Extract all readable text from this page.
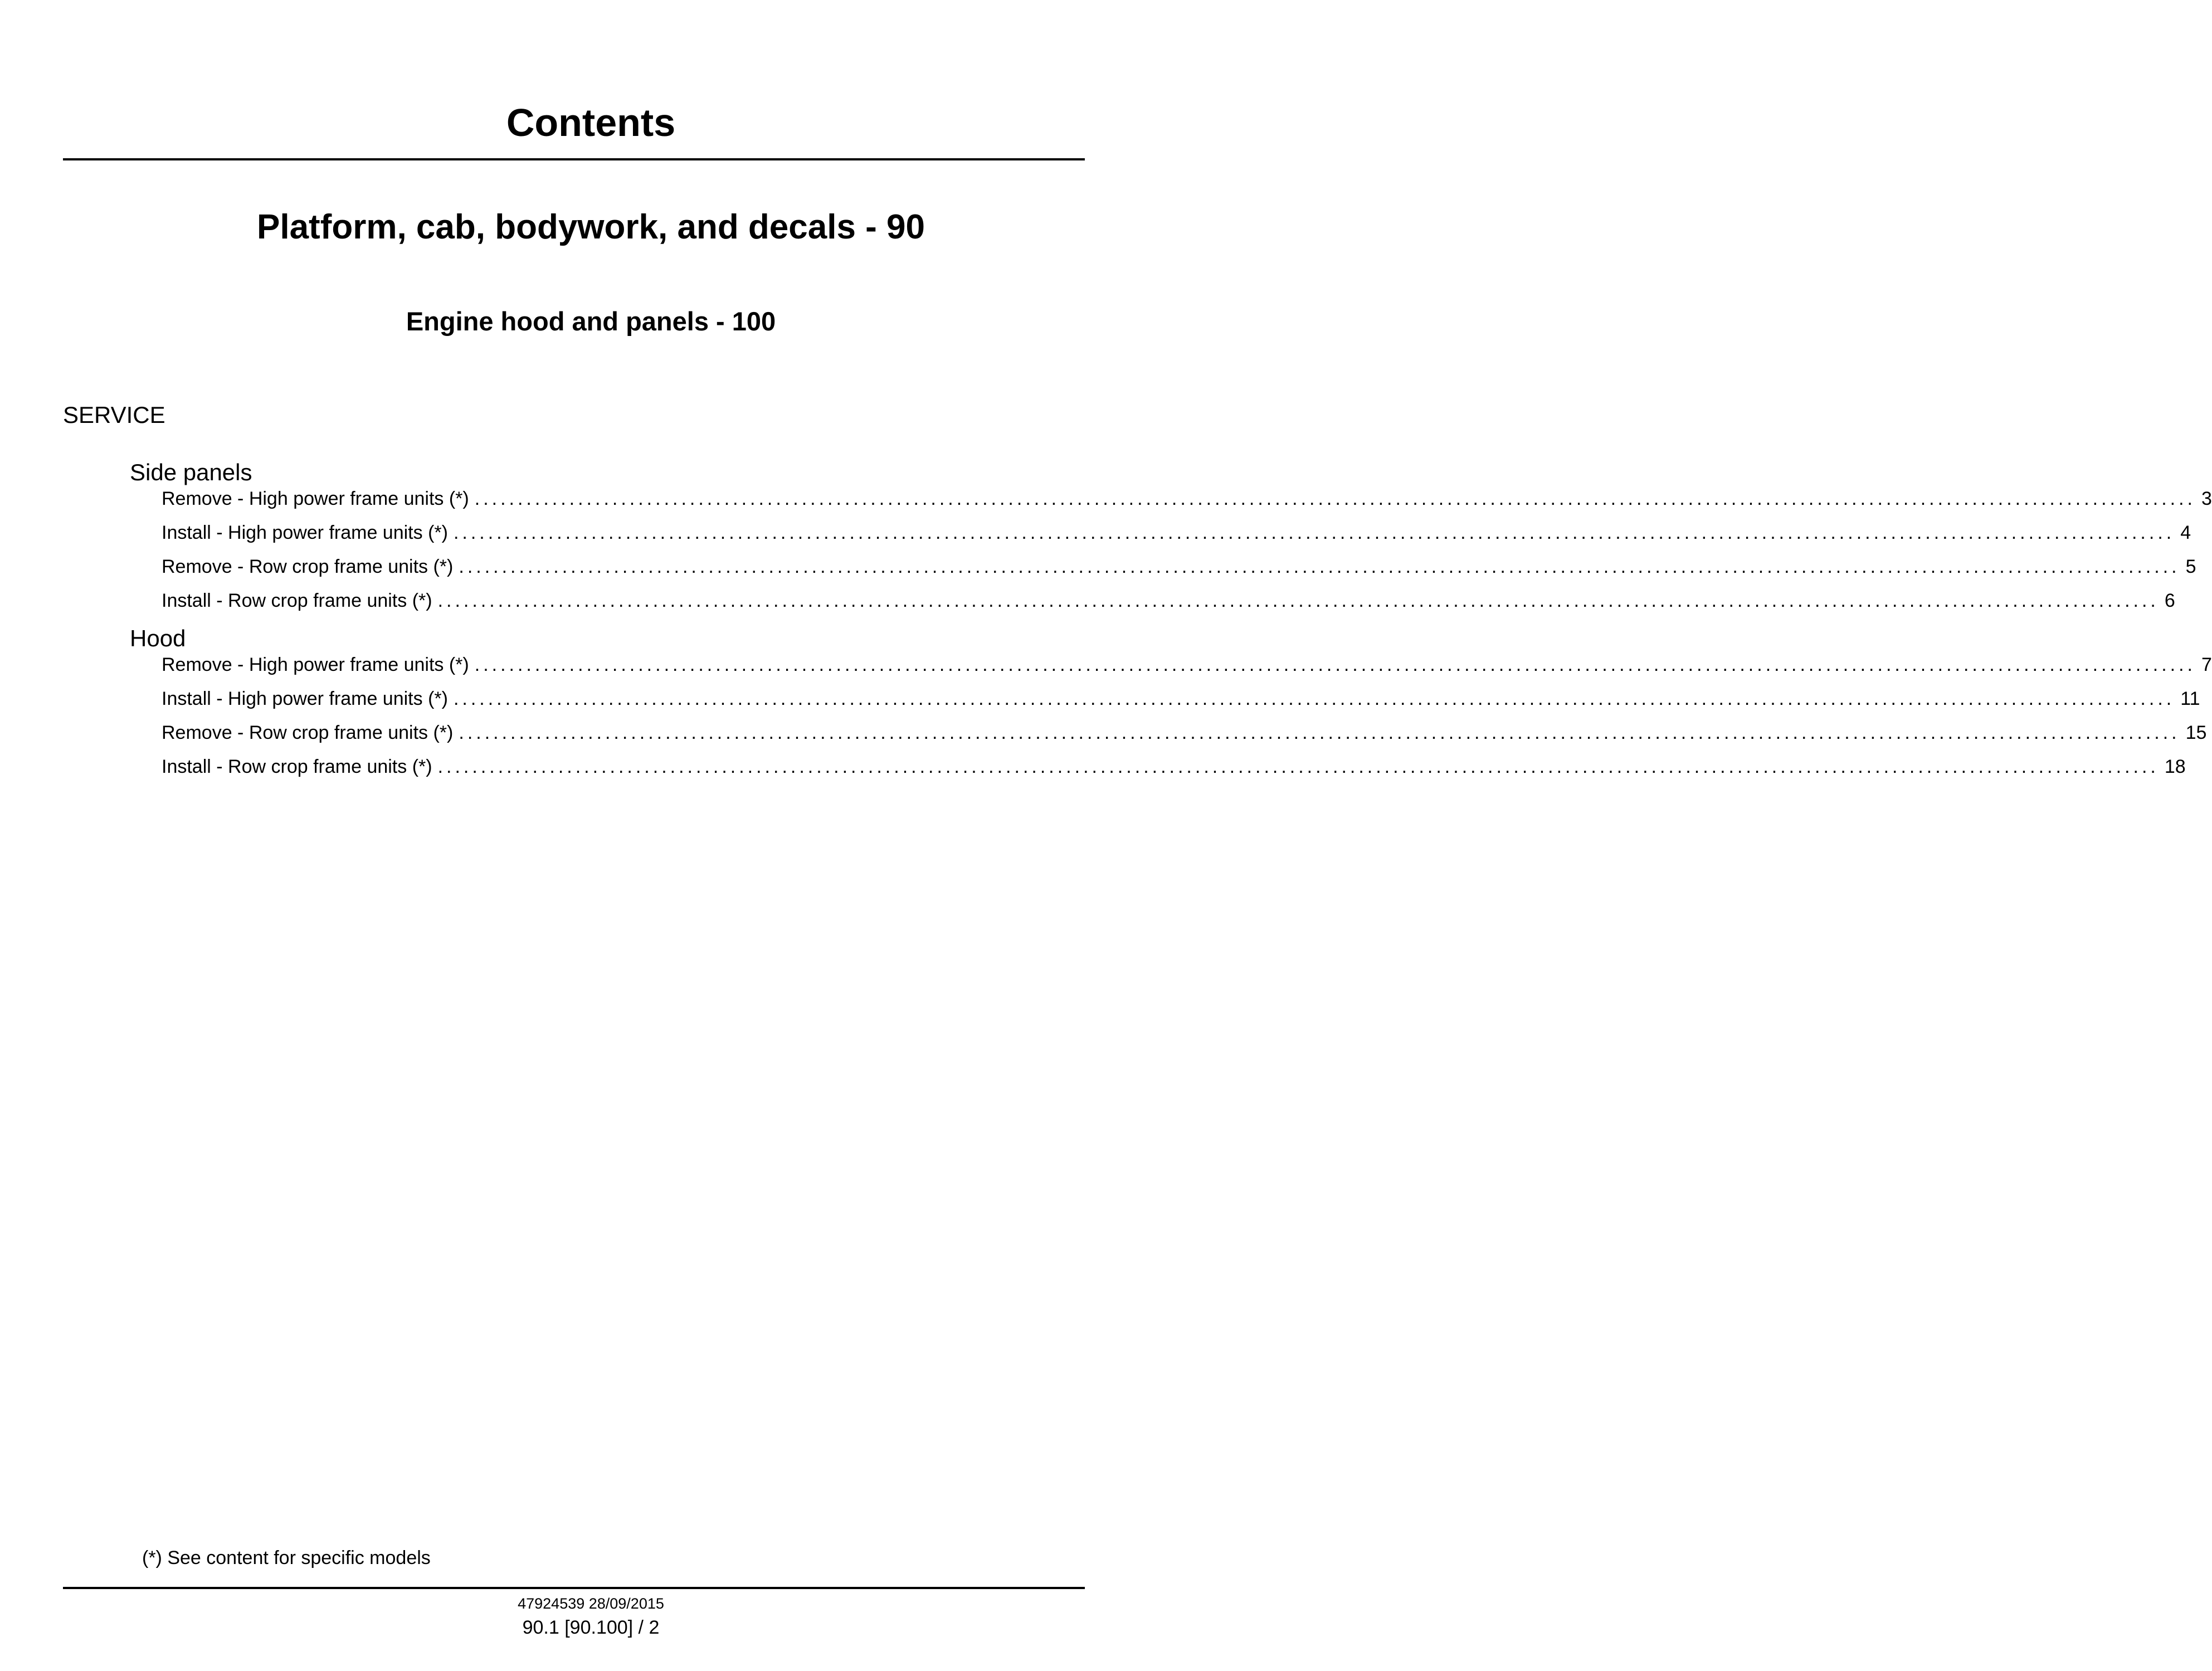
Contents
Platform, cab, bodywork, and decals - 90
Engine hood and panels - 100
SERVICE
Side panels
Remove - High power frame units (*) ........................................................................................................................................................................................................ 3
Install - High power frame units (*) ........................................................................................................................................................................................................ 4
Remove - Row crop frame units (*) ........................................................................................................................................................................................................ 5
Install - Row crop frame units (*) ........................................................................................................................................................................................................ 6
Hood
Remove - High power frame units (*) ........................................................................................................................................................................................................ 7
Install - High power frame units (*) ........................................................................................................................................................................................................ 11
Remove - Row crop frame units (*) ........................................................................................................................................................................................................ 15
Install - Row crop frame units (*) ........................................................................................................................................................................................................ 18
(*) See content for specific models
47924539 28/09/2015
90.1 [90.100] / 2
